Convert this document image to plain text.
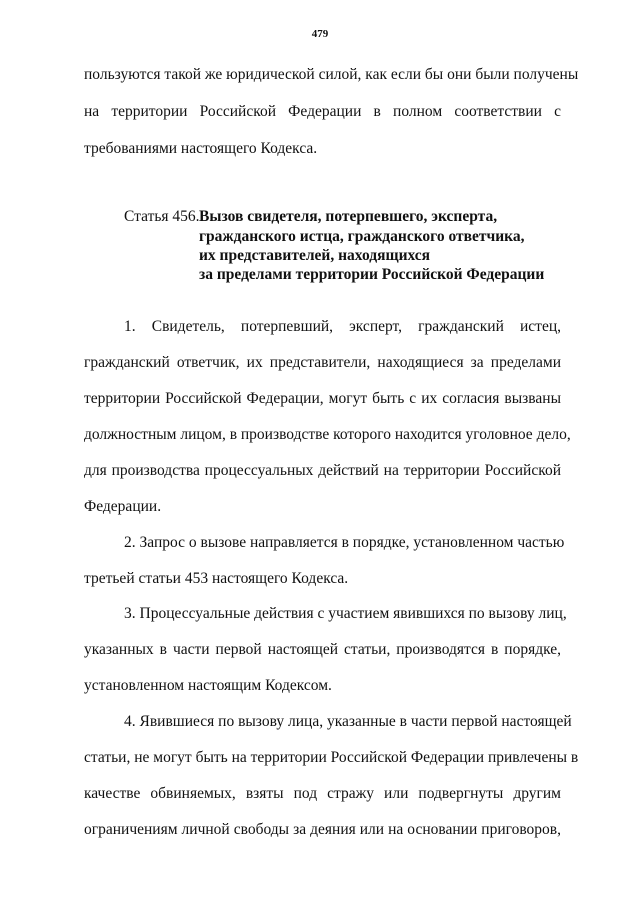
479
пользуются такой же юридической силой, как если бы они были получены
на территории Российской Федерации в полном соответствии с
требованиями настоящего Кодекса.
Статья 456. Вызов свидетеля, потерпевшего, эксперта,
гражданского истца, гражданского ответчика,
их представителей, находящихся
за пределами территории Российской Федерации
1. Свидетель, потерпевший, эксперт, гражданский истец,
гражданский ответчик, их представители, находящиеся за пределами
территории Российской Федерации, могут быть с их согласия вызваны
должностным лицом, в производстве которого находится уголовное дело,
для производства процессуальных действий на территории Российской
Федерации.
2. Запрос о вызове направляется в порядке, установленном частью
третьей статьи 453 настоящего Кодекса.
3. Процессуальные действия с участием явившихся по вызову лиц,
указанных в части первой настоящей статьи, производятся в порядке,
установленном настоящим Кодексом.
4. Явившиеся по вызову лица, указанные в части первой настоящей
статьи, не могут быть на территории Российской Федерации привлечены в
качестве обвиняемых, взяты под стражу или подвергнуты другим
ограничениям личной свободы за деяния или на основании приговоров,
